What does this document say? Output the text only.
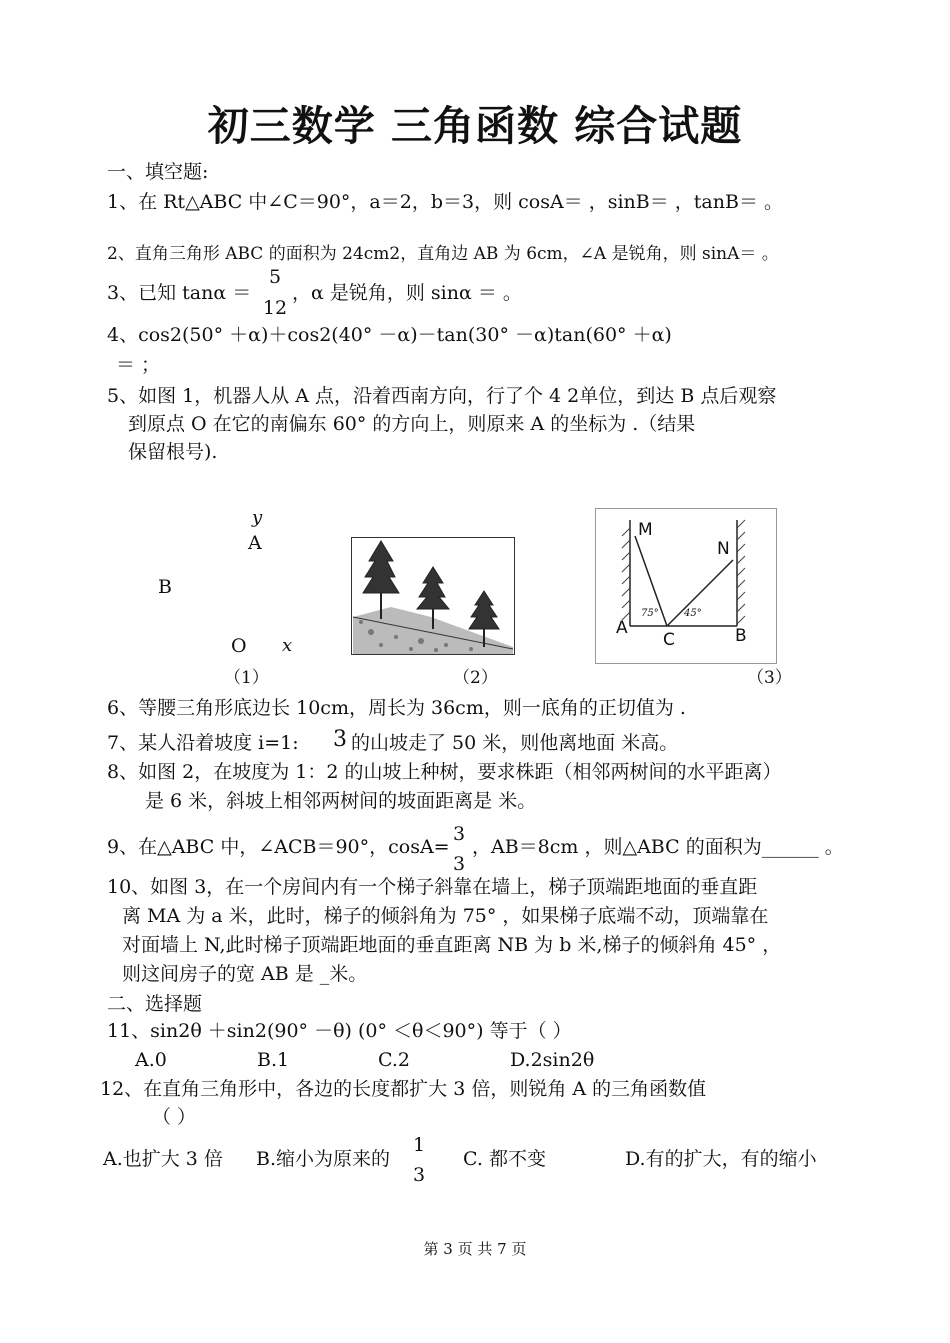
初三数学 三角函数 综合试题
一、填空题:
1、在 Rt△ABC 中∠C＝90°，a＝2，b＝3，则 cosA＝ ，sinB＝ ，tanB＝ 。
2、直角三角形 ABC 的面积为 24cm2，直角边 AB 为 6cm，∠A 是锐角，则 sinA＝ 。
3、已知 tanα ＝
5
12
，α 是锐角，则 sinα ＝ 。
4、cos2(50° ＋α)＋cos2(40° －α)－tan(30° －α)tan(60° ＋α)
＝ ；
5、如图 1，机器人从 A 点，沿着西南方向，行了个 4 2单位，到达 B 点后观察
到原点 O 在它的南偏东 60° 的方向上，则原来 A 的坐标为 .（结果
保留根号).
y
A
B
O x
（1）	（2）
M
N
A
C	B
75°	45°
（3）
6、等腰三角形底边长 10cm，周长为 36cm，则一底角的正切值为 .
7、某人沿着坡度 i=1: 3 的山坡走了 50 米，则他离地面 米高。
8、如图 2，在坡度为 1：2 的山坡上种树，要求株距（相邻两树间的水平距离）
是 6 米，斜坡上相邻两树间的坡面距离是 米。
9、在△ABC 中，∠ACB＝90°，cosA=
3
3
，AB＝8cm ，则△ABC 的面积为______ 。
10、如图 3，在一个房间内有一个梯子斜靠在墙上，梯子顶端距地面的垂直距
离 MA 为 a 米，此时，梯子的倾斜角为 75° ，如果梯子底端不动，顶端靠在
对面墙上 N,此时梯子顶端距地面的垂直距离 NB 为 b 米,梯子的倾斜角 45° ，
则这间房子的宽 AB 是 _米。
二、选择题
11、sin2θ ＋sin2(90° －θ) (0° ＜θ＜90°) 等于（ ）
A.0	B.1	C.2	D.2sin2θ
12、在直角三角形中，各边的长度都扩大 3 倍，则锐角 A 的三角函数值
（ ）
A.也扩大 3 倍 B.缩小为原来的
1
3
C. 都不变	D.有的扩大，有的缩小
第 3 页 共 7 页
